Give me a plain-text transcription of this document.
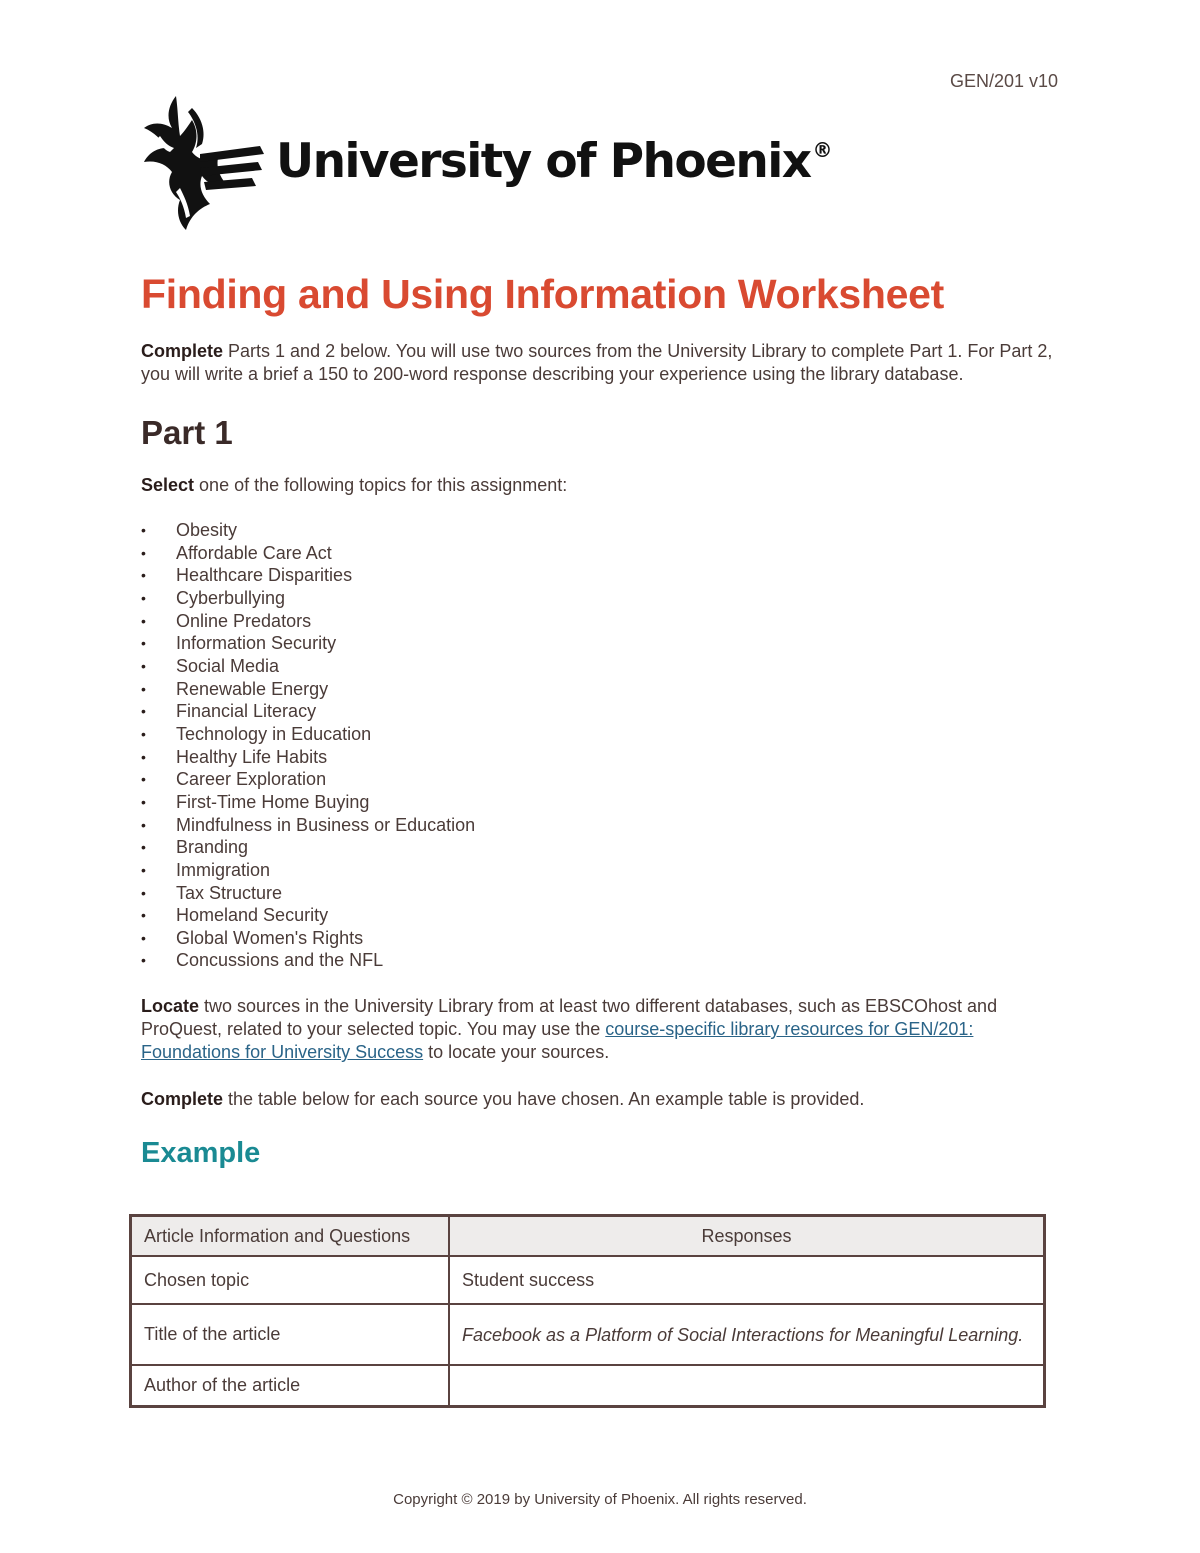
GEN/201 v10
University of Phoenix ®
Finding and Using Information Worksheet

Complete Parts 1 and 2 below. You will use two sources from the University Library to complete Part 1. For Part 2, you will write a brief a 150 to 200-word response describing your experience using the library database.

Part 1

Select one of the following topics for this assignment:

• Obesity
• Affordable Care Act
• Healthcare Disparities
• Cyberbullying
• Online Predators
• Information Security
• Social Media
• Renewable Energy
• Financial Literacy
• Technology in Education
• Healthy Life Habits
• Career Exploration
• First-Time Home Buying
• Mindfulness in Business or Education
• Branding
• Immigration
• Tax Structure
• Homeland Security
• Global Women's Rights
• Concussions and the NFL

Locate two sources in the University Library from at least two different databases, such as EBSCOhost and ProQuest, related to your selected topic. You may use the course-specific library resources for GEN/201: Foundations for University Success to locate your sources.

Complete the table below for each source you have chosen. An example table is provided.

Example
Article Information and Questions	Responses
Chosen topic	Student success
Title of the article	Facebook as a Platform of Social Interactions for Meaningful Learning.
Author of the article	
Copyright © 2019 by University of Phoenix. All rights reserved.
